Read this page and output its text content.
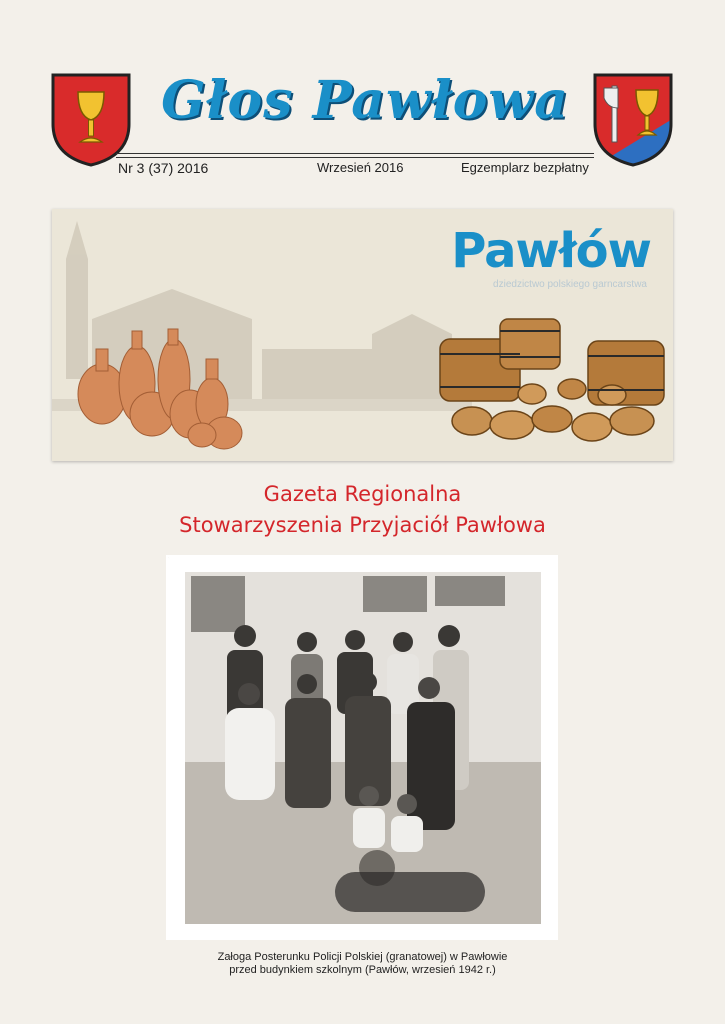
Głos Pawłowa
Nr 3 (37) 2016	Wrzesień 2016	Egzemplarz bezpłatny
Pawłów
dziedzictwo polskiego garncarstwa
Gazeta Regionalna
Stowarzyszenia Przyjaciół Pawłowa
Załoga Posterunku Policji Polskiej (granatowej) w Pawłowie
przed budynkiem szkolnym (Pawłów, wrzesień 1942 r.)
